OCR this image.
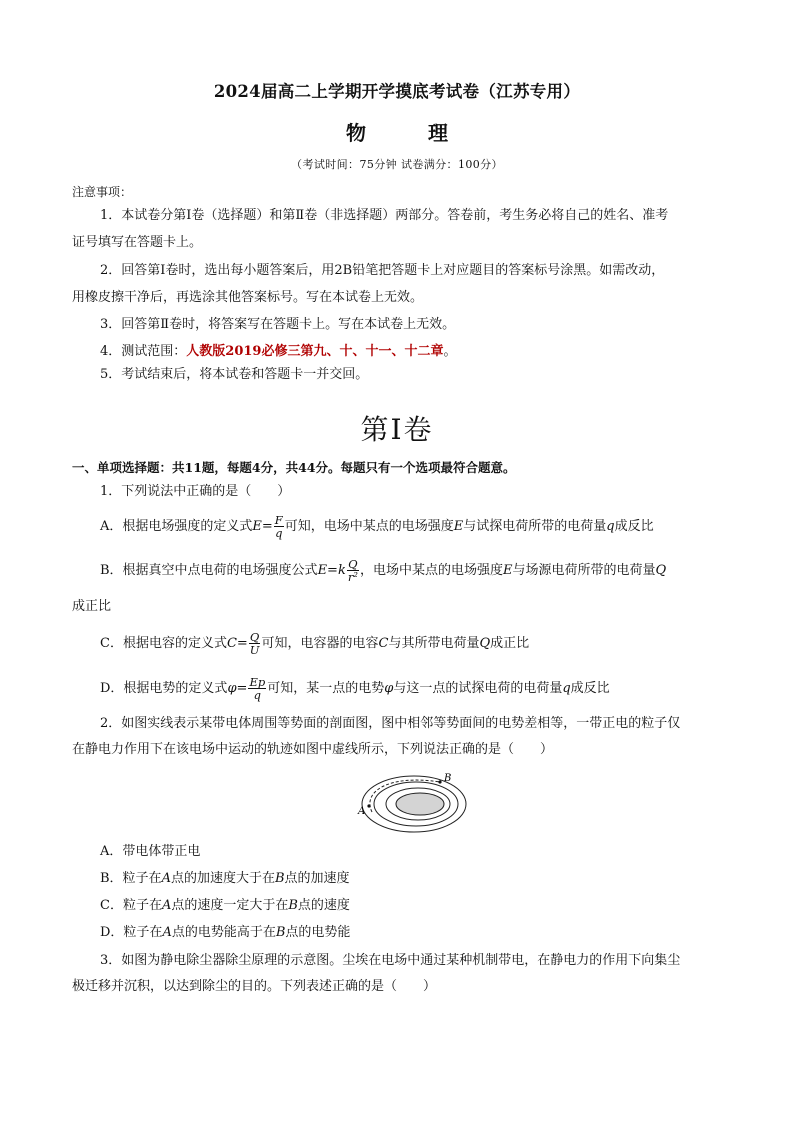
2024届高二上学期开学摸底考试卷（江苏专用）
物	理
（考试时间：75分钟 试卷满分：100分）
注意事项：
1．本试卷分第Ⅰ卷（选择题）和第Ⅱ卷（非选择题）两部分。答卷前，考生务必将自己的姓名、准考
证号填写在答题卡上。
2．回答第Ⅰ卷时，选出每小题答案后，用2B铅笔把答题卡上对应题目的答案标号涂黑。如需改动，
用橡皮擦干净后，再选涂其他答案标号。写在本试卷上无效。
3．回答第Ⅱ卷时，将答案写在答题卡上。写在本试卷上无效。
4．测试范围：人教版2019必修三第九、十、十一、十二章。
5．考试结束后，将本试卷和答题卡一并交回。
第Ⅰ卷
一、单项选择题：共11题，每题4分，共44分。每题只有一个选项最符合题意。
1．下列说法中正确的是（　　）
A．根据电场强度的定义式$E= \frac{F}{q}$ 可知，电场中某点的电场强度E与试探电荷所带的电荷量q成反比
B．根据真空中点电荷的电场强度公式$E=k \frac{Q}{\text{r²}}$ ，电场中某点的电场强度E与场源电荷所带的电荷量Q
成正比
C．根据电容的定义式$C= \frac{Q}{U}$ 可知，电容器的电容C与其所带电荷量Q成正比
D．根据电势的定义式$\varphi= \frac{Ep}{q}$ 可知，某一点的电势φ与这一点的试探电荷的电荷量q成反比
2．如图实线表示某带电体周围等势面的剖面图，图中相邻等势面间的电势差相等，一带正电的粒子仅
在静电力作用下在该电场中运动的轨迹如图中虚线所示，下列说法正确的是（　　）
A
B
A．带电体带正电
B．粒子在A点的加速度大于在B点的加速度
C．粒子在A点的速度一定大于在B点的速度
D．粒子在A点的电势能高于在B点的电势能
3．如图为静电除尘器除尘原理的示意图。尘埃在电场中通过某种机制带电，在静电力的作用下向集尘
极迁移并沉积，以达到除尘的目的。下列表述正确的是（　　）
